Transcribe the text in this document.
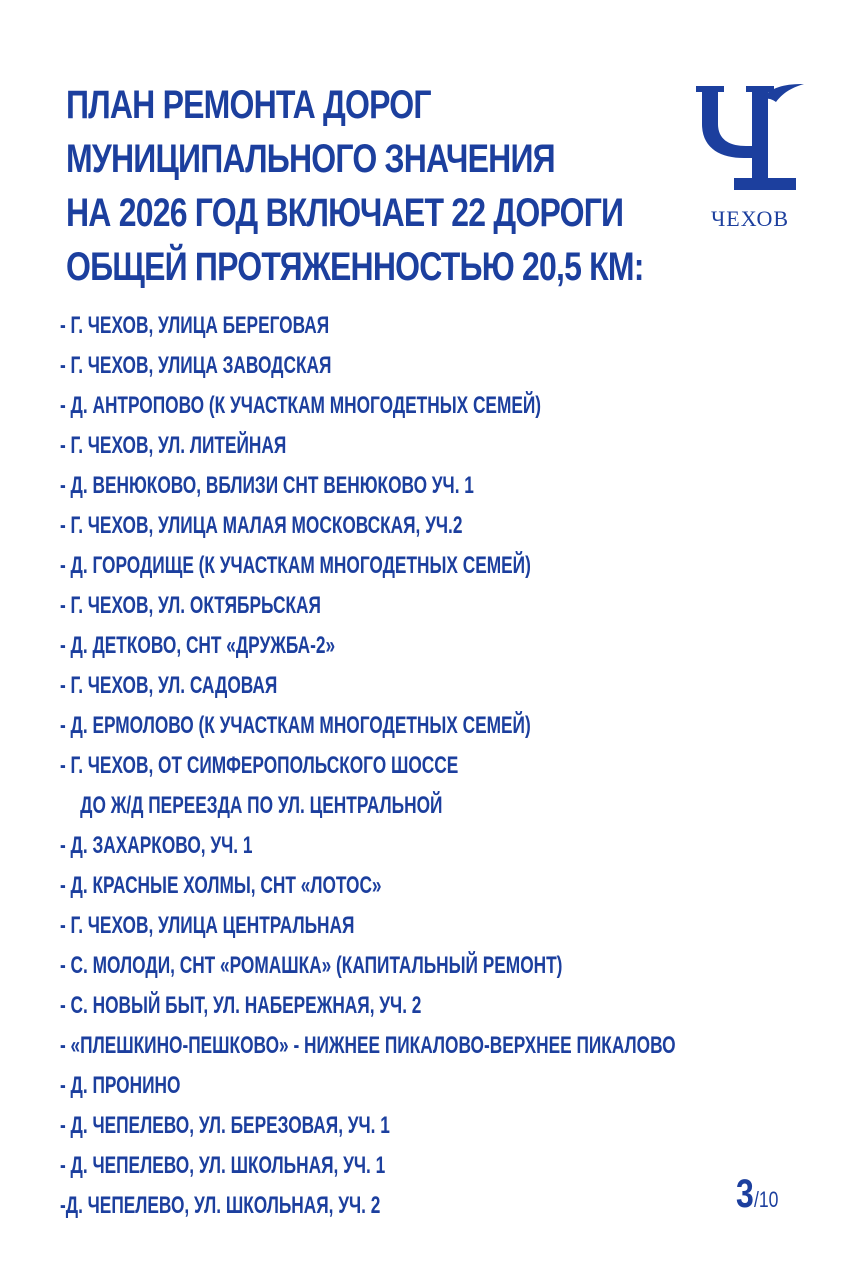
ПЛАН РЕМОНТА ДОРОГ
МУНИЦИПАЛЬНОГО ЗНАЧЕНИЯ
НА 2026 ГОД ВКЛЮЧАЕТ 22 ДОРОГИ
ОБЩЕЙ ПРОТЯЖЕННОСТЬЮ 20,5 КМ:
ЧЕХОВ
- Г. ЧЕХОВ, УЛИЦА БЕРЕГОВАЯ
- Г. ЧЕХОВ, УЛИЦА ЗАВОДСКАЯ
- Д. АНТРОПОВО (К УЧАСТКАМ МНОГОДЕТНЫХ СЕМЕЙ)
- Г. ЧЕХОВ, УЛ. ЛИТЕЙНАЯ
- Д. ВЕНЮКОВО, ВБЛИЗИ СНТ ВЕНЮКОВО УЧ. 1
- Г. ЧЕХОВ, УЛИЦА МАЛАЯ МОСКОВСКАЯ, УЧ.2
- Д. ГОРОДИЩЕ (К УЧАСТКАМ МНОГОДЕТНЫХ СЕМЕЙ)
- Г. ЧЕХОВ, УЛ. ОКТЯБРЬСКАЯ
- Д. ДЕТКОВО, СНТ «ДРУЖБА-2»
- Г. ЧЕХОВ, УЛ. САДОВАЯ
- Д. ЕРМОЛОВО (К УЧАСТКАМ МНОГОДЕТНЫХ СЕМЕЙ)
- Г. ЧЕХОВ, ОТ СИМФЕРОПОЛЬСКОГО ШОССЕ
ДО Ж/Д ПЕРЕЕЗДА ПО УЛ. ЦЕНТРАЛЬНОЙ
- Д. ЗАХАРКОВО, УЧ. 1
- Д. КРАСНЫЕ ХОЛМЫ, СНТ «ЛОТОС»
- Г. ЧЕХОВ, УЛИЦА ЦЕНТРАЛЬНАЯ
- С. МОЛОДИ, СНТ «РОМАШКА» (КАПИТАЛЬНЫЙ РЕМОНТ)
- С. НОВЫЙ БЫТ, УЛ. НАБЕРЕЖНАЯ, УЧ. 2
- «ПЛЕШКИНО-ПЕШКОВО» - НИЖНЕЕ ПИКАЛОВО-ВЕРХНЕЕ ПИКАЛОВО
- Д. ПРОНИНО
- Д. ЧЕПЕЛЕВО, УЛ. БЕРЕЗОВАЯ, УЧ. 1
- Д. ЧЕПЕЛЕВО, УЛ. ШКОЛЬНАЯ, УЧ. 1
-Д. ЧЕПЕЛЕВО, УЛ. ШКОЛЬНАЯ, УЧ. 2	3/10
